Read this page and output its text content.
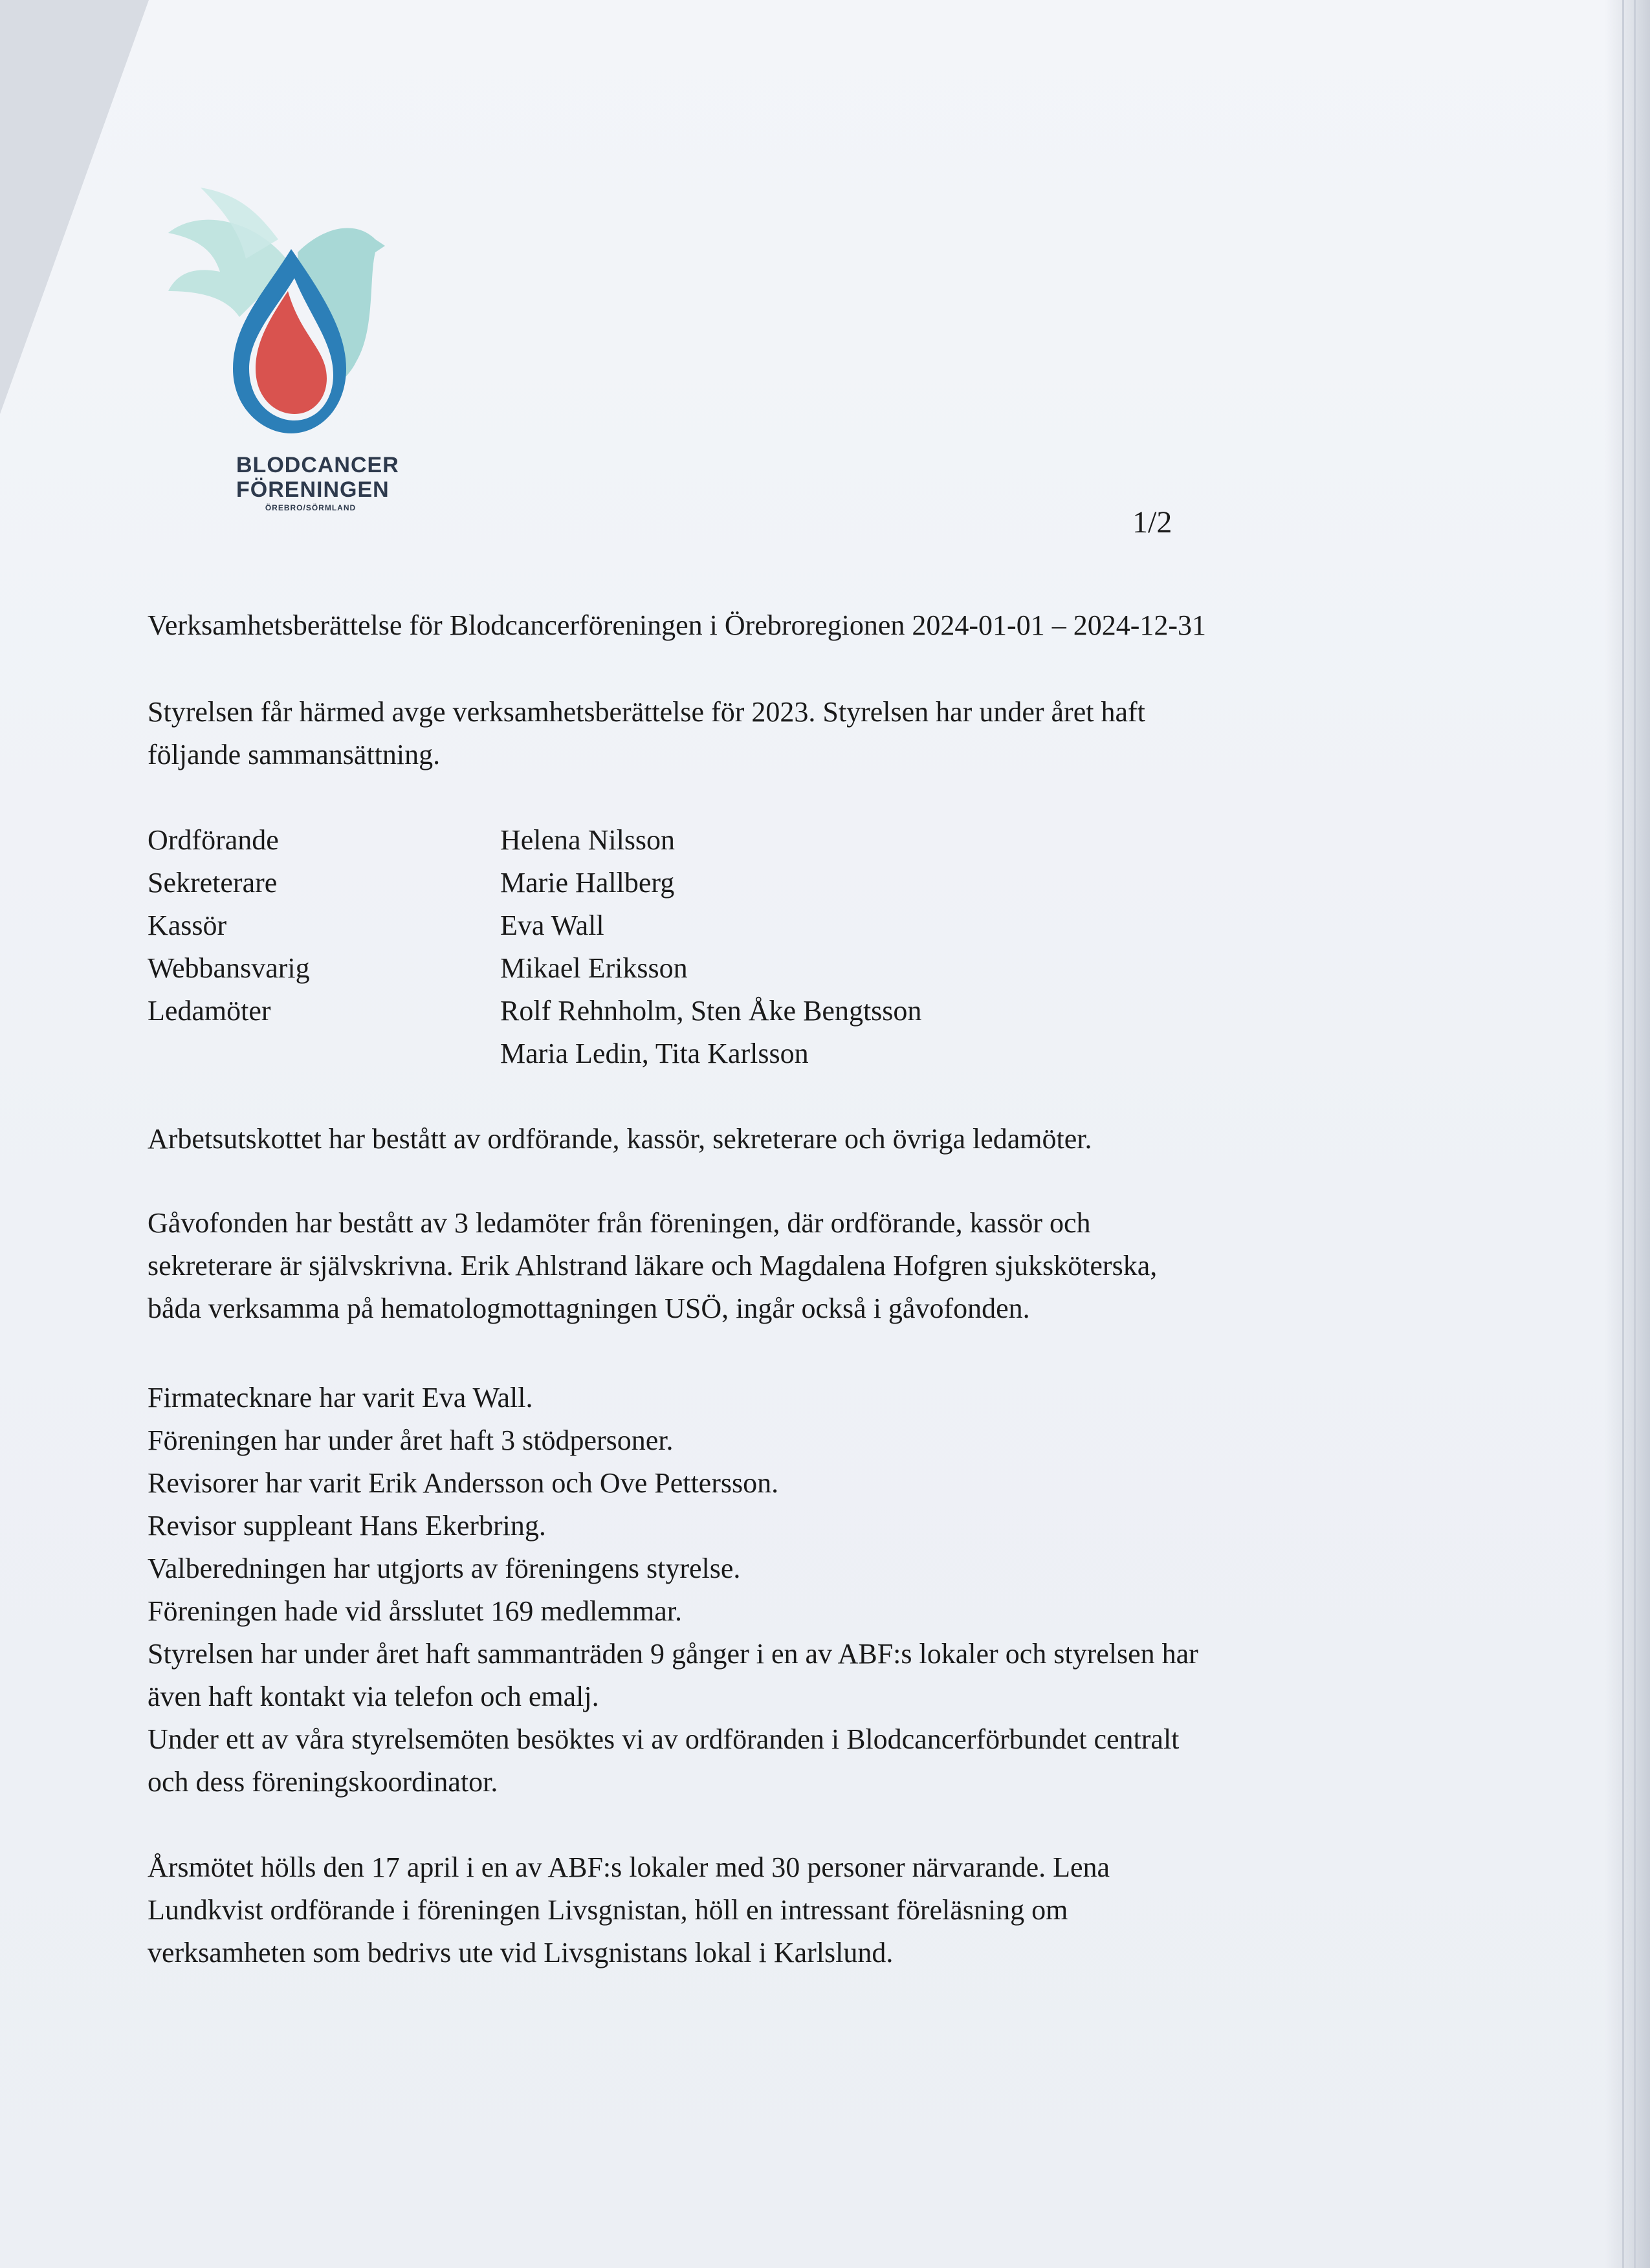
BLODCANCER
FÖRENINGEN
ÖREBRO/SÖRMLAND	1/2
Verksamhetsberättelse för Blodcancerföreningen i Örebroregionen 2024-01-01 – 2024-12-31
Styrelsen får härmed avge verksamhetsberättelse för 2023. Styrelsen har under året haft
följande sammansättning.
Ordförande	Helena Nilsson
Sekreterare	Marie Hallberg
Kassör	Eva Wall
Webbansvarig	Mikael Eriksson
Ledamöter	Rolf Rehnholm, Sten Åke Bengtsson
Maria Ledin, Tita Karlsson
Arbetsutskottet har bestått av ordförande, kassör, sekreterare och övriga ledamöter.
Gåvofonden har bestått av 3 ledamöter från föreningen, där ordförande, kassör och
sekreterare är självskrivna. Erik Ahlstrand läkare och Magdalena Hofgren sjuksköterska,
båda verksamma på hematologmottagningen USÖ, ingår också i gåvofonden.
Firmatecknare har varit Eva Wall.
Föreningen har under året haft 3 stödpersoner.
Revisorer har varit Erik Andersson och Ove Pettersson.
Revisor suppleant Hans Ekerbring.
Valberedningen har utgjorts av föreningens styrelse.
Föreningen hade vid årsslutet 169 medlemmar.
Styrelsen har under året haft sammanträden 9 gånger i en av ABF:s lokaler och styrelsen har
även haft kontakt via telefon och emalj.
Under ett av våra styrelsemöten besöktes vi av ordföranden i Blodcancerförbundet centralt
och dess föreningskoordinator.
Årsmötet hölls den 17 april i en av ABF:s lokaler med 30 personer närvarande. Lena
Lundkvist ordförande i föreningen Livsgnistan, höll en intressant föreläsning om
verksamheten som bedrivs ute vid Livsgnistans lokal i Karlslund.
